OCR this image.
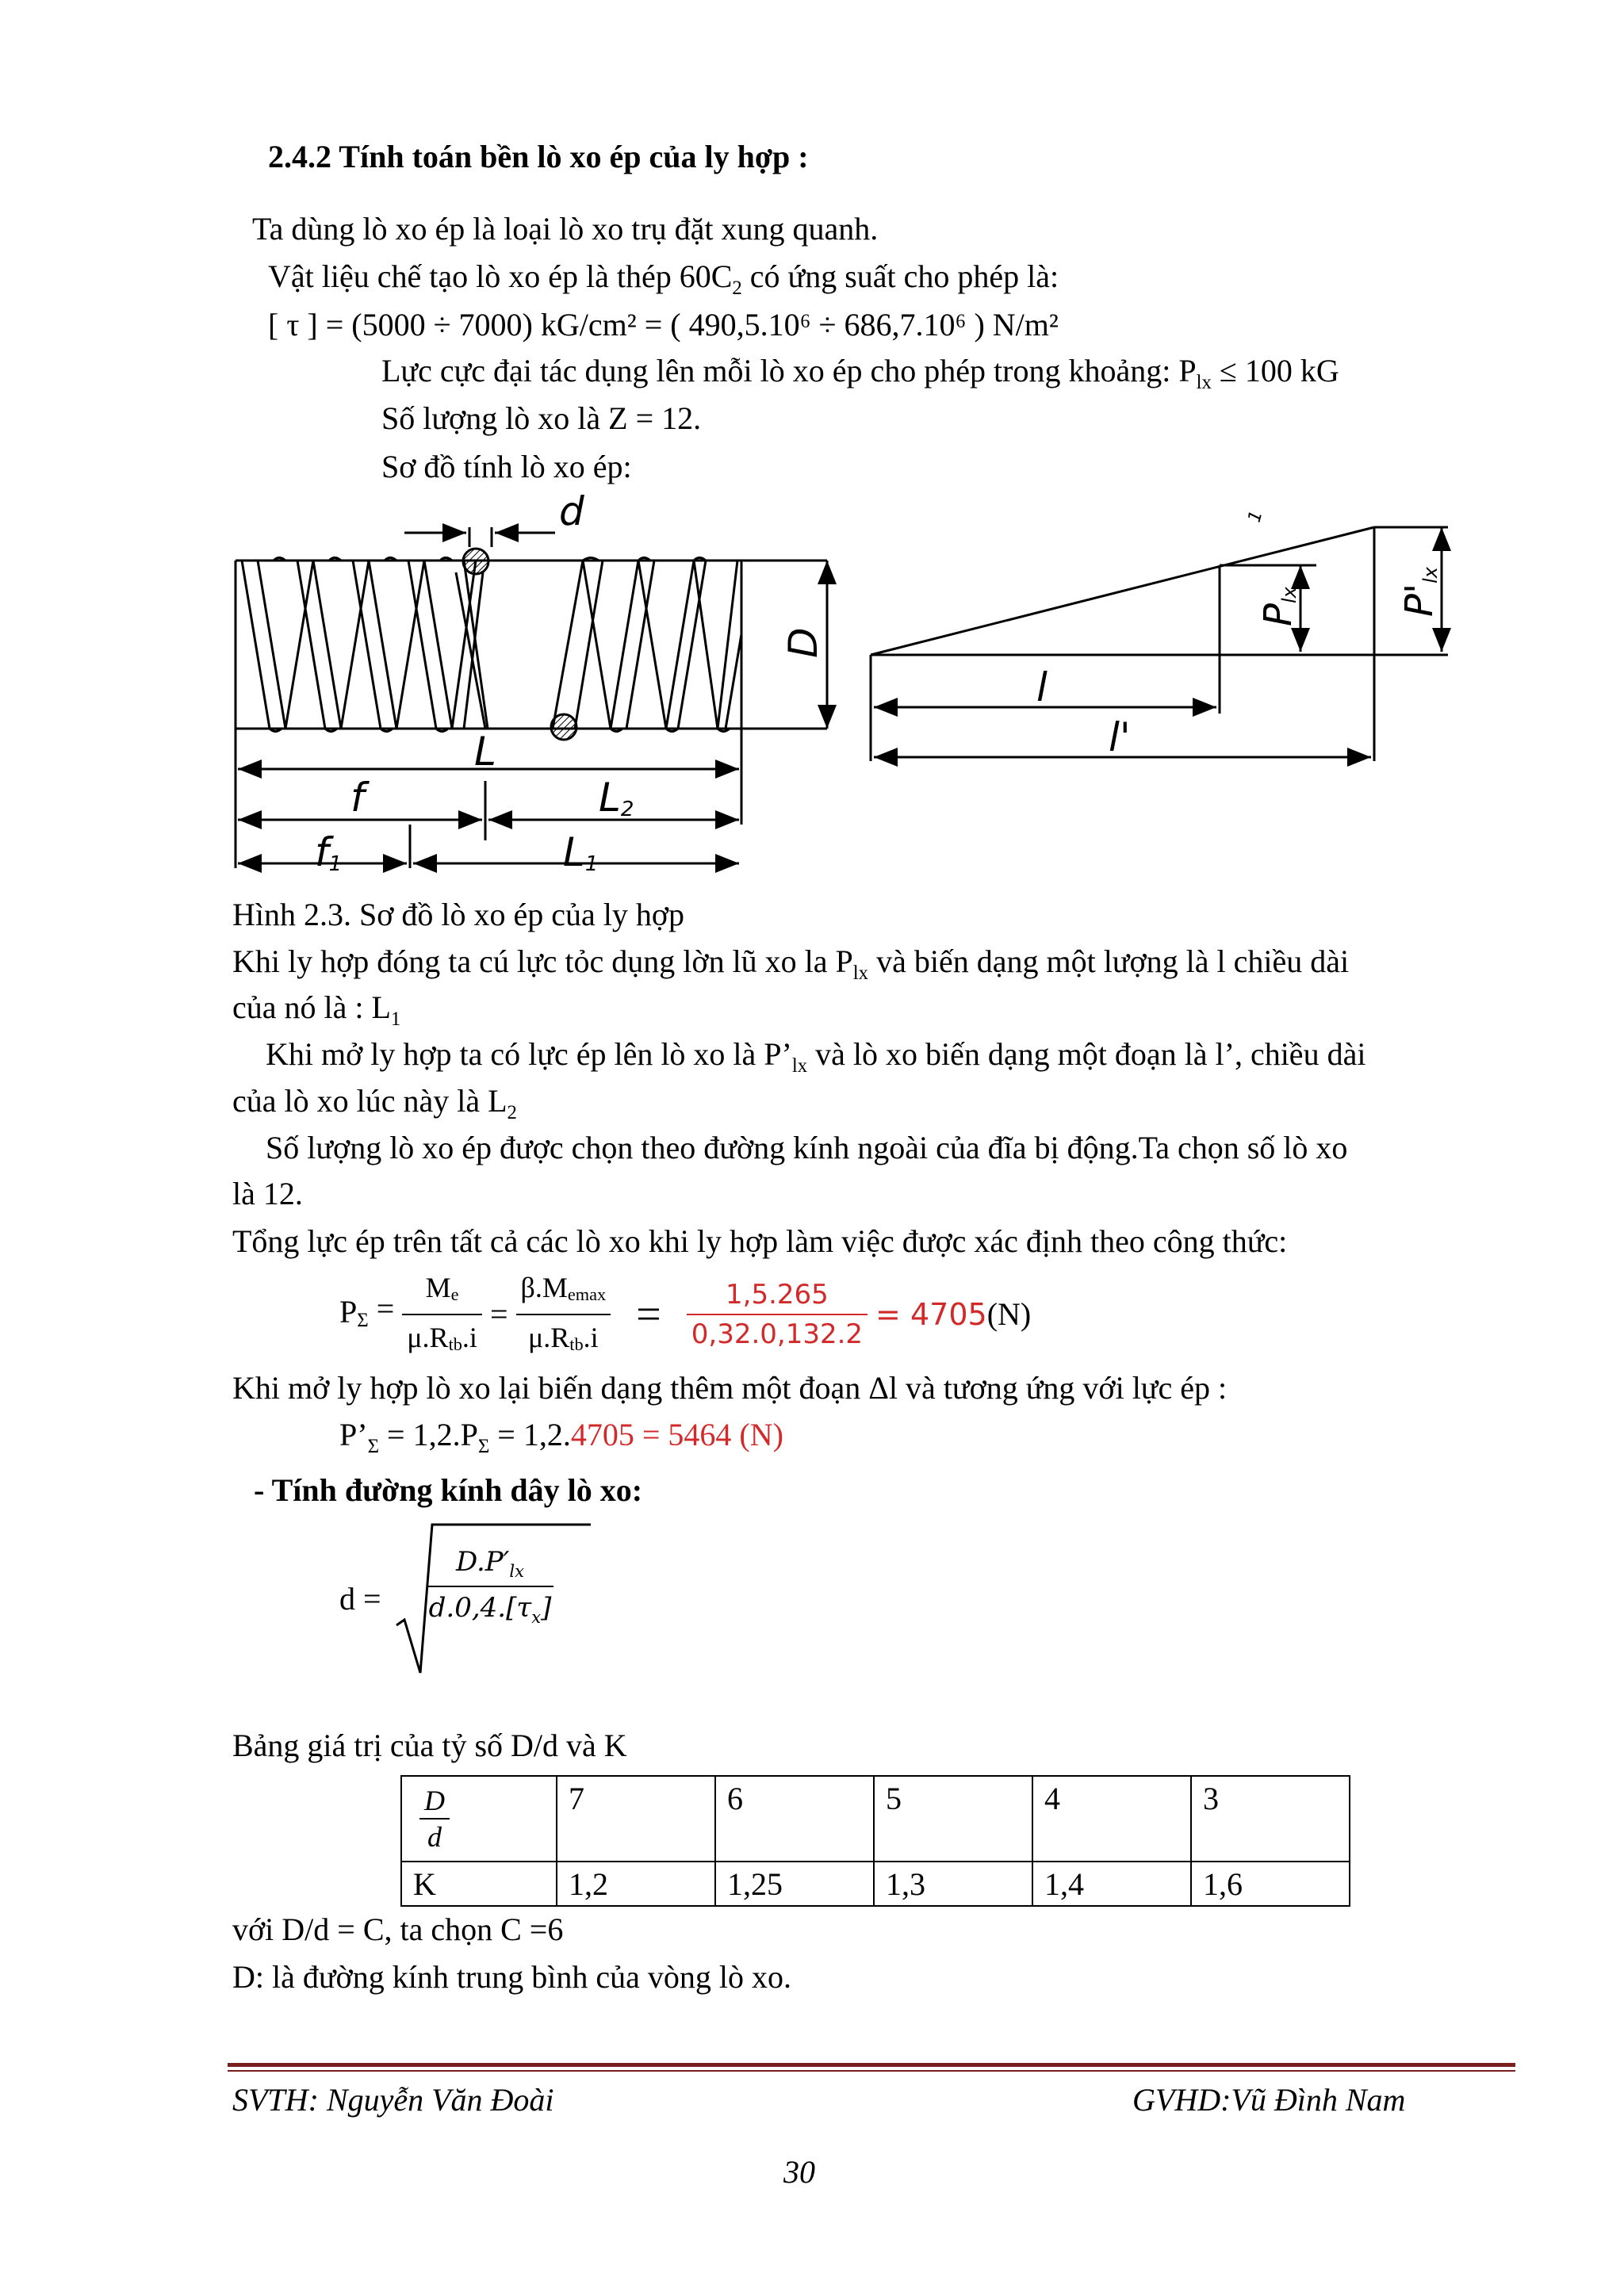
2.4.2 Tính toán bền lò xo ép của ly hợp :
Ta dùng lò xo ép là loại lò xo trụ đặt xung quanh.
Vật liệu chế tạo lò xo ép là thép $60C_2$ có ứng suất cho phép là:
[ τ ] = (5000 ÷ 7000) kG/cm² = ( 490,5.10⁶ ÷ 686,7.10⁶ ) N/m²
Lực cực đại tác dụng lên mỗi lò xo ép cho phép trong khoảng: $P_{lx} \le 100$ kG
Số lượng lò xo là Z = 12.
Sơ đồ tính lò xo ép:
d
D
L
f	L2
f1	L1
l
l'
Plx	P'lx
1
Hình 2.3. Sơ đồ lò xo ép của ly hợp
Khi ly hợp đóng ta cú lực tỏc dụng lờn lũ xo la $P_{lx}$ và biến dạng một lượng là l chiều dài
của nó là : $L_1$
Khi mở ly hợp ta có lực ép lên lò xo là $P’_{lx}$ và lò xo biến dạng một đoạn là l’, chiều dài
của lò xo lúc này là $L_2$
Số lượng lò xo ép được chọn theo đường kính ngoài của đĩa bị động.Ta chọn số lò xo
là 12.
Tổng lực ép trên tất cả các lò xo khi ly hợp làm việc được xác định theo công thức:
$P_\Sigma = \frac{M_e}{\mu.R_{tb}.i} = \frac{\beta.M_{emax}}{\mu.R_{tb}.i} = \frac{1,5.265}{0,32.0,132.2} = 4705(N)$
Khi mở ly hợp lò xo lại biến dạng thêm một đoạn Δl và tương ứng với lực ép :
$P’_\Sigma = 1,2.P_\Sigma = 1,2.4705 = 5464$ (N)
- Tính đường kính dây lò xo:
d =
$D.P'_{lx}$
$d.0,4.[\tau_x]$
Bảng giá trị của tỷ số D/d và K
$\frac{D}{d}$	7	6	5	4	3
K	1,2	1,25	1,3	1,4	1,6
với D/d = C, ta chọn C =6
D: là đường kính trung bình của vòng lò xo.
SVTH: Nguyễn Văn Đoài	GVHD:Vũ Đình Nam
30
